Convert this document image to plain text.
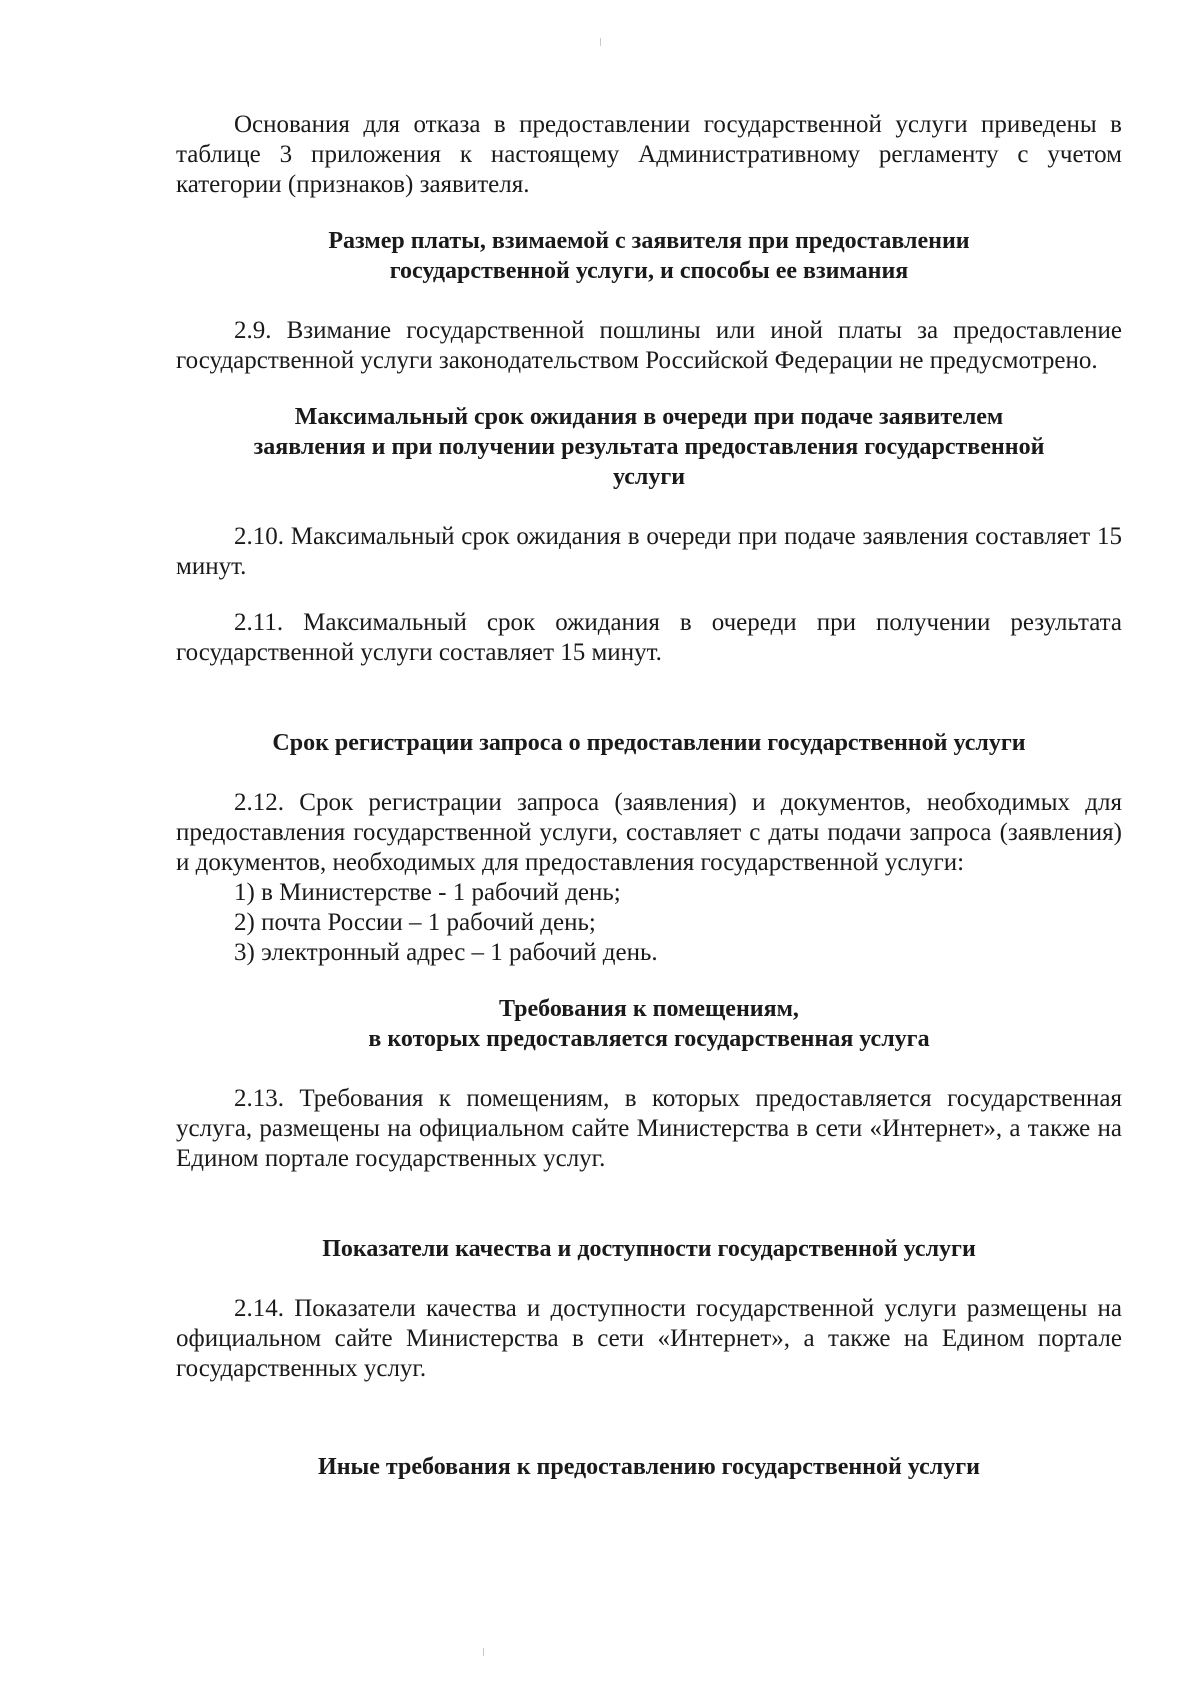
Основания для отказа в предоставлении государственной услуги приведены в таблице 3 приложения к настоящему Административному регламенту с учетом категории (признаков) заявителя.

Размер платы, взимаемой с заявителя при предоставлении
государственной услуги, и способы ее взимания

2.9. Взимание государственной пошлины или иной платы за предоставление государственной услуги законодательством Российской Федерации не предусмотрено.

Максимальный срок ожидания в очереди при подаче заявителем
заявления и при получении результата предоставления государственной
услуги

2.10. Максимальный срок ожидания в очереди при подаче заявления составляет 15 минут.

2.11. Максимальный срок ожидания в очереди при получении результата государственной услуги составляет 15 минут.

Срок регистрации запроса о предоставлении государственной услуги

2.12. Срок регистрации запроса (заявления) и документов, необходимых для предоставления государственной услуги, составляет с даты подачи запроса (заявления) и документов, необходимых для предоставления государственной услуги:

1) в Министерстве - 1 рабочий день;
2) почта России – 1 рабочий день;
3) электронный адрес – 1 рабочий день.
Требования к помещениям,
в которых предоставляется государственная услуга

2.13. Требования к помещениям, в которых предоставляется государственная услуга, размещены на официальном сайте Министерства в сети «Интернет», а также на Едином портале государственных услуг.

Показатели качества и доступности государственной услуги

2.14. Показатели качества и доступности государственной услуги размещены на официальном сайте Министерства в сети «Интернет», а также на Едином портале государственных услуг.

Иные требования к предоставлению государственной услуги
